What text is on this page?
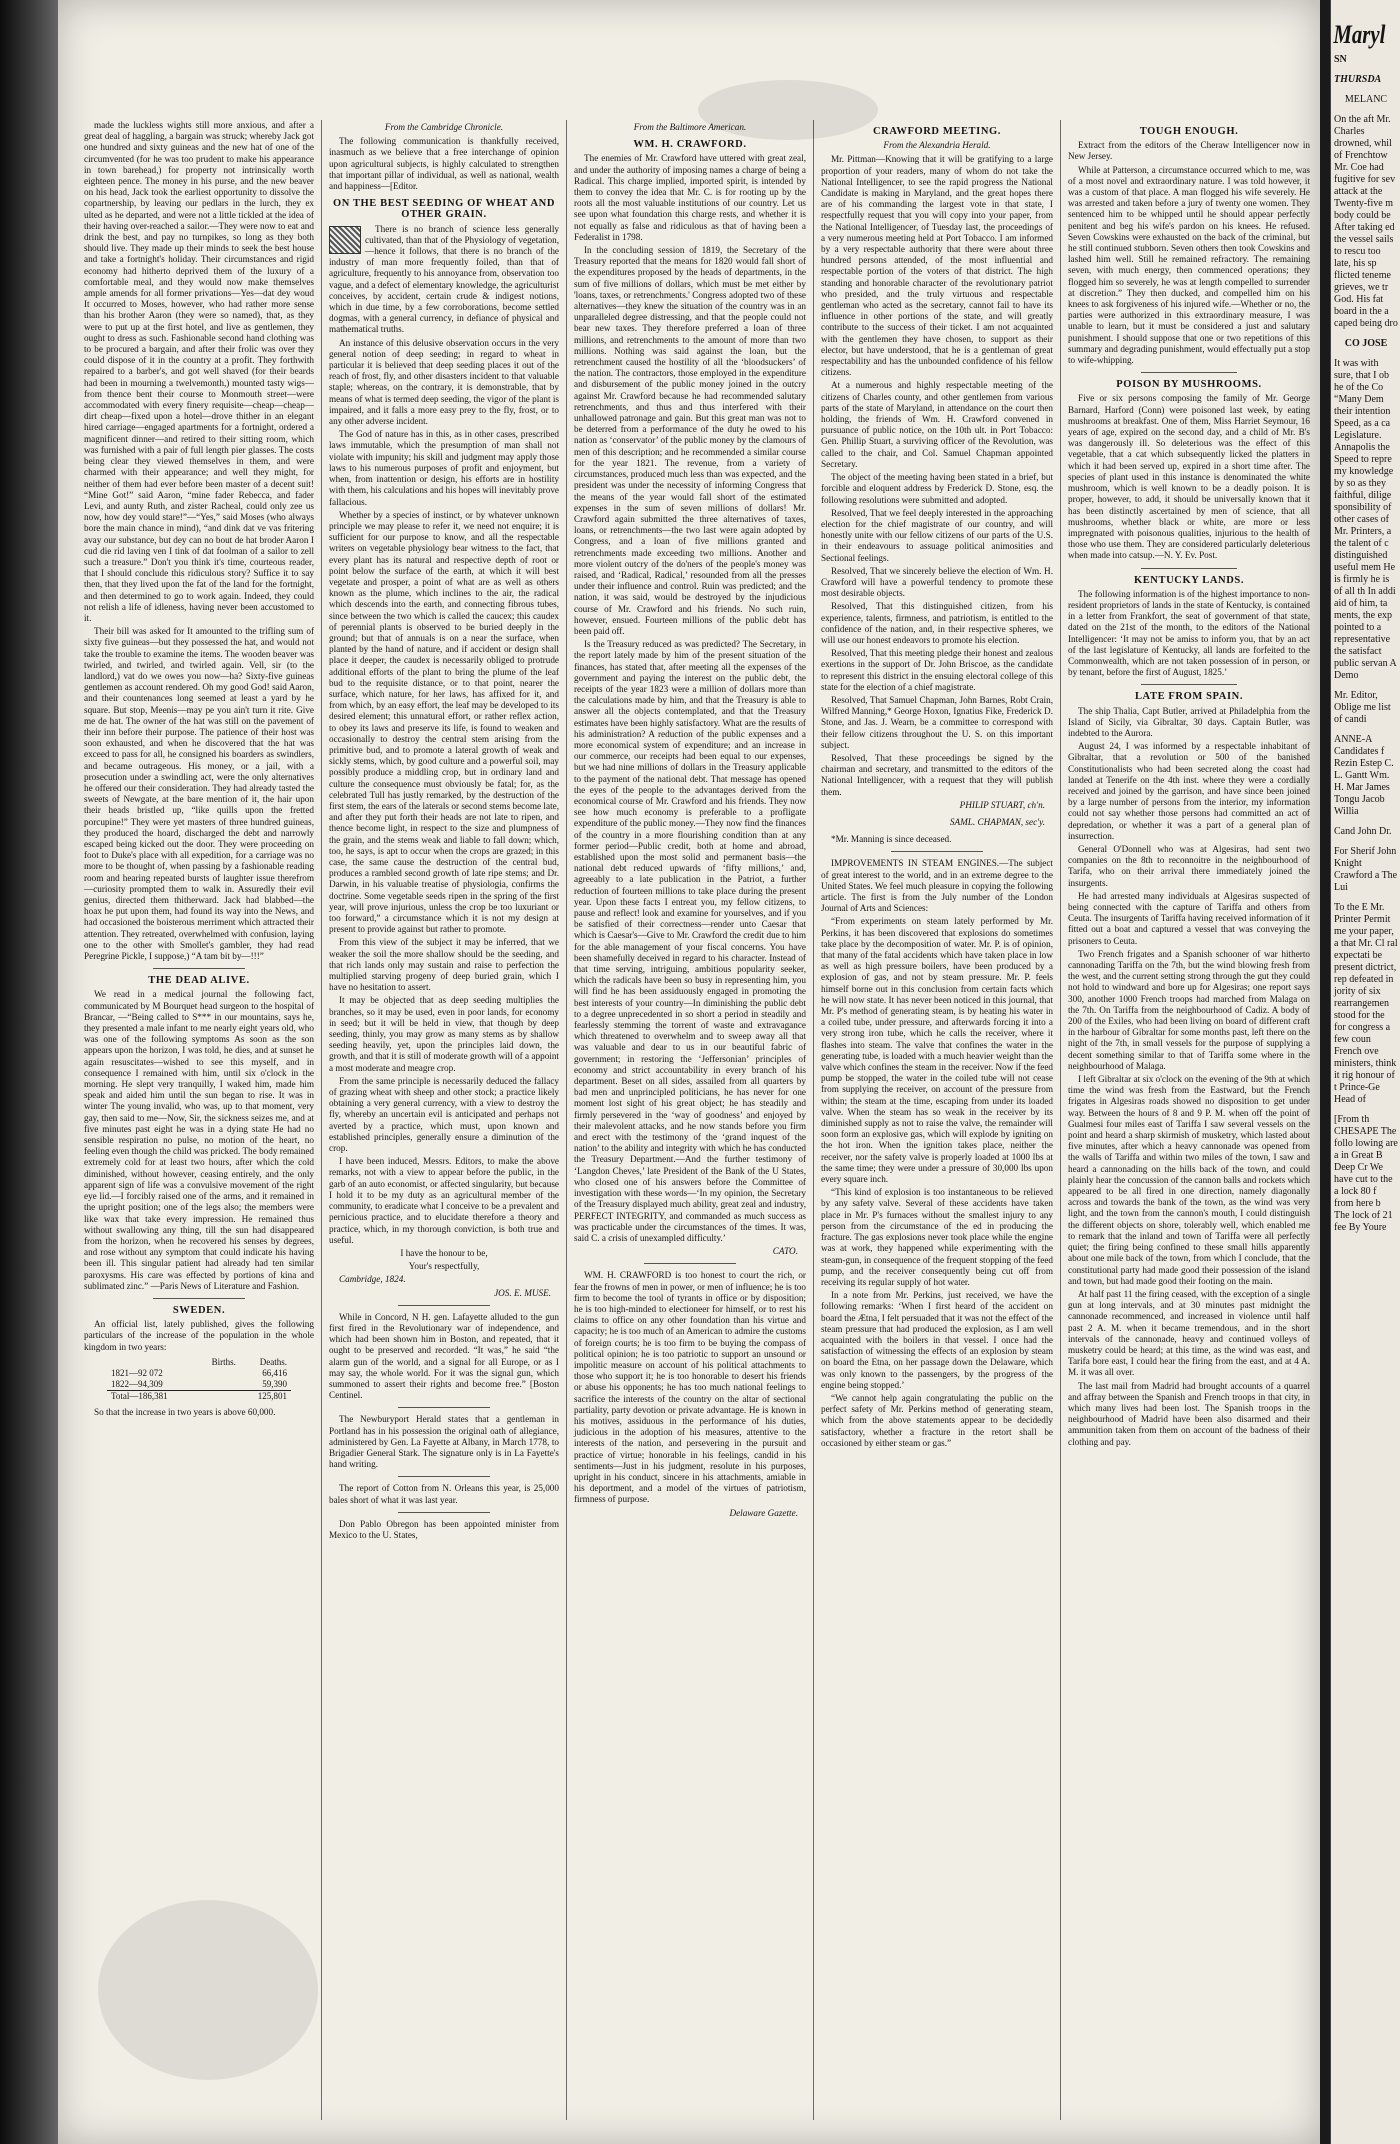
made the luckless wights still more anxious, and after a great deal of haggling, a bargain was struck; whereby Jack got one hundred and sixty guineas and the new hat of one of the circumvented (for he was too prudent to make his appearance in town barehead,) for property not intrinsically worth eighteen pence. The money in his purse, and the new beaver on his head, Jack took the earliest opportunity to dissolve the copartnership, by leaving our pedlars in the lurch, they ex ulted as he departed, and were not a little tickled at the idea of their having over-reached a sailor.—They were now to eat and drink the best, and pay no turnpikes, so long as they both should live. They made up their minds to seek the best house and take a fortnight's holiday. Their circumstances and rigid economy had hitherto deprived them of the luxury of a comfortable meal, and they would now make themselves ample amends for all former privations—Yes—dat dey woud It occurred to Moses, however, who had rather more sense than his brother Aaron (they were so named), that, as they were to put up at the first hotel, and live as gentlemen, they ought to dress as such. Fashionable second hand clothing was to be procured a bargain, and after their frolic was over they could dispose of it in the country at a profit. They forthwith repaired to a barber's, and got well shaved (for their beards had been in mourning a twelvemonth,) mounted tasty wigs—from thence bent their course to Monmouth street—were accommodated with every finery requisite—cheap—cheap—dirt cheap—fixed upon a hotel—drove thither in an elegant hired carriage—engaged apartments for a fortnight, ordered a magnificent dinner—and retired to their sitting room, which was furnished with a pair of full length pier glasses. The costs being clear they viewed themselves in them, and were charmed with their appearance; and well they might, for neither of them had ever before been master of a decent suit! “Mine Got!” said Aaron, “mine fader Rebecca, and fader Levi, and aunty Ruth, and zister Racheal, could only zee us now, how dey vould stare!”—“Yes,” said Moses (who always bore the main chance in mind), “and dink dat ve vas fritering avay our substance, but dey can no bout de hat broder Aaron I cud die rid laving ven I tink of dat foolman of a sailor to zell such a treasure.” Don't you think it's time, courteous reader, that I should conclude this ridiculous story? Suffice it to say then, that they lived upon the fat of the land for the fortnight, and then determined to go to work again. Indeed, they could not relish a life of idleness, having never been accustomed to it.

Their bill was asked for It amounted to the trifling sum of sixty five guineas—but they possessed the hat, and would not take the trouble to examine the items. The wooden beaver was twirled, and twirled, and twirled again. Vell, sir (to the landlord,) vat do we owes you now—ha? Sixty-five guineas gentlemen as account rendered. Oh my good God! said Aaron, and their countenances long seemed at least a yard by he square. But stop, Meenis—may pe you ain't turn it rite. Give me de hat. The owner of the hat was still on the pavement of their inn before their purpose. The patience of their host was soon exhausted, and when he discovered that the hat was exceed to pass for all, he consigned his boarders as swindlers, and became outrageous. His money, or a jail, with a prosecution under a swindling act, were the only alternatives he offered our their consideration. They had already tasted the sweets of Newgate, at the bare mention of it, the hair upon their heads bristled up, “like quills upon the fretted porcupine!” They were yet masters of three hundred guineas, they produced the hoard, discharged the debt and narrowly escaped being kicked out the door. They were proceeding on foot to Duke's place with all expedition, for a carriage was no more to be thought of, when passing by a fashionable reading room and hearing repeated bursts of laughter issue therefrom—curiosity prompted them to walk in. Assuredly their evil genius, directed them thitherward. Jack had blabbed—the hoax he put upon them, had found its way into the News, and had occasioned the boisterous merriment which attracted their attention. They retreated, overwhelmed with confusion, laying one to the other with Smollet's gambler, they had read Peregrine Pickle, I suppose,) “A tam bit by—!!!”

THE DEAD ALIVE.

We read in a medical journal the following fact, communicated by M Bourquet head surgeon to the hospital of Brancar, —“Being called to S*** in our mountains, says he, they presented a male infant to me nearly eight years old, who was one of the following symptoms As soon as the son appears upon the horizon, I was told, he dies, and at sunset he again resuscitates—wished to see this myself, and in consequence I remained with him, until six o'clock in the morning. He slept very tranquilly, I waked him, made him speak and aided him until the sun began to rise. It was in winter The young invalid, who was, up to that moment, very gay, then said to me—Now, Sir, the sickness seizes me, and at five minutes past eight he was in a dying state He had no sensible respiration no pulse, no motion of the heart, no feeling even though the child was pricked. The body remained extremely cold for at least two hours, after which the cold diminished, without however, ceasing entirely, and the only apparent sign of life was a convulsive movement of the right eye lid.—I forcibly raised one of the arms, and it remained in the upright position; one of the legs also; the members were like wax that take every impression. He remained thus without swallowing any thing, till the sun had disappeared from the horizon, when he recovered his senses by degrees, and rose without any symptom that could indicate his having been ill. This singular patient had already had ten similar paroxysms. His care was effected by portions of kina and sublimated zinc.” —Paris News of Literature and Fashion.

SWEDEN.

An official list, lately published, gives the following particulars of the increase of the population in the whole kingdom in two years:

	Births.	Deaths.
1821—92 072		66,416
1822—94,309		59,390
Total—186,381		125,801

So that the increase in two years is above 60,000.

From the Cambridge Chronicle.

The following communication is thankfully received, inasmuch as we believe that a free interchange of opinion upon agricultural subjects, is highly calculated to strengthen that important pillar of individual, as well as national, wealth and happiness—[Editor.

ON THE BEST SEEDING OF WHEAT AND OTHER GRAIN.

There is no branch of science less generally cultivated, than that of the Physiology of vegetation,—hence it follows, that there is no branch of the industry of man more frequently foiled, than that of agriculture, frequently to his annoyance from, observation too vague, and a defect of elementary knowledge, the agriculturist conceives, by accident, certain crude & indigest notions, which in due time, by a few corroborations, become settled dogmas, with a general currency, in defiance of physical and mathematical truths.

An instance of this delusive observation occurs in the very general notion of deep seeding; in regard to wheat in particular it is believed that deep seeding places it out of the reach of frost, fly, and other disasters incident to that valuable staple; whereas, on the contrary, it is demonstrable, that by means of what is termed deep seeding, the vigor of the plant is impaired, and it falls a more easy prey to the fly, frost, or to any other adverse incident.

The God of nature has in this, as in other cases, prescribed laws immutable, which the presumption of man shall not violate with impunity; his skill and judgment may apply those laws to his numerous purposes of profit and enjoyment, but when, from inattention or design, his efforts are in hostility with them, his calculations and his hopes will inevitably prove fallacious.

Whether by a species of instinct, or by whatever unknown principle we may please to refer it, we need not enquire; it is sufficient for our purpose to know, and all the respectable writers on vegetable physiology bear witness to the fact, that every plant has its natural and respective depth of root or point below the surface of the earth, at which it will best vegetate and prosper, a point of what are as well as others known as the plume, which inclines to the air, the radical which descends into the earth, and connecting fibrous tubes, since between the two which is called the caucex; this caudex of perennial plants is observed to be buried deeply in the ground; but that of annuals is on a near the surface, when planted by the hand of nature, and if accident or design shall place it deeper, the caudex is necessarily obliged to protrude additional efforts of the plant to bring the plume of the leaf bud to the requisite distance, or to that point, nearer the surface, which nature, for her laws, has affixed for it, and from which, by an easy effort, the leaf may be developed to its desired element; this unnatural effort, or rather reflex action, to obey its laws and preserve its life, is found to weaken and occasionally to destroy the central stem arising from the primitive bud, and to promote a lateral growth of weak and sickly stems, which, by good culture and a powerful soil, may possibly produce a middling crop, but in ordinary land and culture the consequence must obviously be fatal; for, as the celebrated Tull has justly remarked, by the destruction of the first stem, the ears of the laterals or second stems become late, and after they put forth their heads are not late to ripen, and thence become light, in respect to the size and plumpness of the grain, and the stems weak and liable to fall down; which, too, he says, is apt to occur when the crops are grazed; in this case, the same cause the destruction of the central bud, produces a rambled second growth of late ripe stems; and Dr. Darwin, in his valuable treatise of physiologia, confirms the doctrine. Some vegetable seeds ripen in the spring of the first year, will prove injurious, unless the crop be too luxuriant or too forward,” a circumstance which it is not my design at present to provide against but rather to promote.

From this view of the subject it may be inferred, that we weaker the soil the more shallow should be the seeding, and that rich lands only may sustain and raise to perfection the multiplied starving progeny of deep buried grain, which I have no hesitation to assert.

It may be objected that as deep seeding multiplies the branches, so it may be used, even in poor lands, for economy in seed; but it will be held in view, that though by deep seeding, thinly, you may grow as many stems as by shallow seeding heavily, yet, upon the principles laid down, the growth, and that it is still of moderate growth will of a appoint a most moderate and meagre crop.

From the same principle is necessarily deduced the fallacy of grazing wheat with sheep and other stock; a practice likely obtaining a very general currency, with a view to destroy the fly, whereby an uncertain evil is anticipated and perhaps not averted by a practice, which must, upon known and established principles, generally ensure a diminution of the crop.

I have been induced, Messrs. Editors, to make the above remarks, not with a view to appear before the public, in the garb of an auto economist, or affected singularity, but because I hold it to be my duty as an agricultural member of the community, to eradicate what I conceive to be a prevalent and pernicious practice, and to elucidate therefore a theory and practice, which, in my thorough conviction, is both true and useful.

I have the honour to be,

Your's respectfully,

Cambridge, 1824.

JOS. E. MUSE.

While in Concord, N H. gen. Lafayette alluded to the gun first fired in the Revolutionary war of independence, and which had been shown him in Boston, and repeated, that it ought to be preserved and recorded. “It was,” he said “the alarm gun of the world, and a signal for all Europe, or as I may say, the whole world. For it was the signal gun, which summoned to assert their rights and become free.” [Boston Centinel.

The Newburyport Herald states that a gentleman in Portland has in his possession the original oath of allegiance, administered by Gen. La Fayette at Albany, in March 1778, to Brigadier General Stark. The signature only is in La Fayette's hand writing.

The report of Cotton from N. Orleans this year, is 25,000 bales short of what it was last year.

Don Pablo Obregon has been appointed minister from Mexico to the U. States,

From the Baltimore American.
WM. H. CRAWFORD.

The enemies of Mr. Crawford have uttered with great zeal, and under the authority of imposing names a charge of being a Radical. This charge implied, imported spirit, is intended by them to convey the idea that Mr. C. is for rooting up by the roots all the most valuable institutions of our country. Let us see upon what foundation this charge rests, and whether it is not equally as false and ridiculous as that of having been a Federalist in 1798.

In the concluding session of 1819, the Secretary of the Treasury reported that the means for 1820 would fall short of the expenditures proposed by the heads of departments, in the sum of five millions of dollars, which must be met either by 'loans, taxes, or retrenchments.' Congress adopted two of these alternatives—they knew the situation of the country was in an unparalleled degree distressing, and that the people could not bear new taxes. They therefore preferred a loan of three millions, and retrenchments to the amount of more than two millions. Nothing was said against the loan, but the retrenchment caused the hostility of all the ‘bloodsuckers’ of the nation. The contractors, those employed in the expenditure and disbursement of the public money joined in the outcry against Mr. Crawford because he had recommended salutary retrenchments, and thus and thus interfered with their unhallowed patronage and gain. But this great man was not to be deterred from a performance of the duty he owed to his nation as ‘conservator’ of the public money by the clamours of men of this description; and he recommended a similar course for the year 1821. The revenue, from a variety of circumstances, produced much less than was expected, and the president was under the necessity of informing Congress that the means of the year would fall short of the estimated expenses in the sum of seven millions of dollars! Mr. Crawford again submitted the three alternatives of taxes, loans, or retrenchments—the two last were again adopted by Congress, and a loan of five millions granted and retrenchments made exceeding two millions. Another and more violent outcry of the do'ners of the people's money was raised, and ‘Radical, Radical,’ resounded from all the presses under their influence and control. Ruin was predicted; and the nation, it was said, would be destroyed by the injudicious course of Mr. Crawford and his friends. No such ruin, however, ensued. Fourteen millions of the public debt has been paid off.

Is the Treasury reduced as was predicted? The Secretary, in the report lately made by him of the present situation of the finances, has stated that, after meeting all the expenses of the government and paying the interest on the public debt, the receipts of the year 1823 were a million of dollars more than the calculations made by him, and that the Treasury is able to answer all the objects contemplated, and that the Treasury estimates have been highly satisfactory. What are the results of his administration? A reduction of the public expenses and a more economical system of expenditure; and an increase in our commerce, our receipts had been equal to our expenses, but we had nine millions of dollars in the Treasury applicable to the payment of the national debt. That message has opened the eyes of the people to the advantages derived from the economical course of Mr. Crawford and his friends. They now see how much economy is preferable to a profligate expenditure of the public money.—They now find the finances of the country in a more flourishing condition than at any former period—Public credit, both at home and abroad, established upon the most solid and permanent basis—the national debt reduced upwards of ‘fifty millions,’ and, agreeably to a late publication in the Patriot, a further reduction of fourteen millions to take place during the present year. Upon these facts I entreat you, my fellow citizens, to pause and reflect! look and examine for yourselves, and if you be satisfied of their correctness—render unto Caesar that which is Caesar's—Give to Mr. Crawford the credit due to him for the able management of your fiscal concerns. You have been shamefully deceived in regard to his character. Instead of that time serving, intriguing, ambitious popularity seeker, which the radicals have been so busy in representing him, you will find he has been assiduously engaged in promoting the best interests of your country—In diminishing the public debt to a degree unprecedented in so short a period in steadily and fearlessly stemming the torrent of waste and extravagance which threatened to overwhelm and to sweep away all that was valuable and dear to us in our beautiful fabric of government; in restoring the ‘Jeffersonian’ principles of economy and strict accountability in every branch of his department. Beset on all sides, assailed from all quarters by bad men and unprincipled politicians, he has never for one moment lost sight of his great object; he has steadily and firmly persevered in the ‘way of goodness’ and enjoyed by their malevolent attacks, and he now stands before you firm and erect with the testimony of the ‘grand inquest of the nation’ to the ability and integrity with which he has conducted the Treasury Department.—And the further testimony of ‘Langdon Cheves,’ late President of the Bank of the U States, who closed one of his answers before the Committee of investigation with these words—‘In my opinion, the Secretary of the Treasury displayed much ability, great zeal and industry, PERFECT INTEGRITY, and commanded as much success as was practicable under the circumstances of the times. It was, said C. a crisis of unexampled difficulty.’

CATO.

WM. H. CRAWFORD is too honest to court the rich, or fear the frowns of men in power, or men of influence; he is too firm to become the tool of tyrants in office or by disposition; he is too high-minded to electioneer for himself, or to rest his claims to office on any other foundation than his virtue and capacity; he is too much of an American to admire the customs of foreign courts; he is too firm to be buying the compass of political opinion; he is too patriotic to support an unsound or impolitic measure on account of his political attachments to those who support it; he is too honorable to desert his friends or abuse his opponents; he has too much national feelings to sacrifice the interests of the country on the altar of sectional partiality, party devotion or private advantage. He is known in his motives, assiduous in the performance of his duties, judicious in the adoption of his measures, attentive to the interests of the nation, and persevering in the pursuit and practice of virtue; honorable in his feelings, candid in his sentiments—Just in his judgment, resolute in his purposes, upright in his conduct, sincere in his attachments, amiable in his deportment, and a model of the virtues of patriotism, firmness of purpose.

Delaware Gazette.
CRAWFORD MEETING.
From the Alexandria Herald.

Mr. Pittman—Knowing that it will be gratifying to a large proportion of your readers, many of whom do not take the National Intelligencer, to see the rapid progress the National Candidate is making in Maryland, and the great hopes there are of his commanding the largest vote in that state, I respectfully request that you will copy into your paper, from the National Intelligencer, of Tuesday last, the proceedings of a very numerous meeting held at Port Tobacco. I am informed by a very respectable authority that there were about three hundred persons attended, of the most influential and respectable portion of the voters of that district. The high standing and honorable character of the revolutionary patriot who presided, and the truly virtuous and respectable gentleman who acted as the secretary, cannot fail to have its influence in other portions of the state, and will greatly contribute to the success of their ticket. I am not acquainted with the gentlemen they have chosen, to support as their elector, but have understood, that he is a gentleman of great respectability and has the unbounded confidence of his fellow citizens.

At a numerous and highly respectable meeting of the citizens of Charles county, and other gentlemen from various parts of the state of Maryland, in attendance on the court then holding, the friends of Wm. H. Crawford convened in pursuance of public notice, on the 10th ult. in Port Tobacco: Gen. Phillip Stuart, a surviving officer of the Revolution, was called to the chair, and Col. Samuel Chapman appointed Secretary.

The object of the meeting having been stated in a brief, but forcible and eloquent address by Frederick D. Stone, esq. the following resolutions were submitted and adopted.

Resolved, That we feel deeply interested in the approaching election for the chief magistrate of our country, and will honestly unite with our fellow citizens of our parts of the U.S. in their endeavours to assuage political animosities and Sectional feelings.

Resolved, That we sincerely believe the election of Wm. H. Crawford will have a powerful tendency to promote these most desirable objects.

Resolved, That this distinguished citizen, from his experience, talents, firmness, and patriotism, is entitled to the confidence of the nation, and, in their respective spheres, we will use our honest endeavors to promote his election.

Resolved, That this meeting pledge their honest and zealous exertions in the support of Dr. John Briscoe, as the candidate to represent this district in the ensuing electoral college of this state for the election of a chief magistrate.

Resolved, That Samuel Chapman, John Barnes, Robt Crain, Wilfred Manning,* George Hoxon, Ignatius Fike, Frederick D. Stone, and Jas. J. Wearn, be a committee to correspond with their fellow citizens throughout the U. S. on this important subject.

Resolved, That these proceedings be signed by the chairman and secretary, and transmitted to the editors of the National Intelligencer, with a request that they will publish them.

PHILIP STUART, ch'n.
SAML. CHAPMAN, sec'y.

*Mr. Manning is since deceased.

IMPROVEMENTS IN STEAM ENGINES.—The subject of great interest to the world, and in an extreme degree to the United States. We feel much pleasure in copying the following article. The first is from the July number of the London Journal of Arts and Sciences:

“From experiments on steam lately performed by Mr. Perkins, it has been discovered that explosions do sometimes take place by the decomposition of water. Mr. P. is of opinion, that many of the fatal accidents which have taken place in low as well as high pressure boilers, have been produced by a explosion of gas, and not by steam pressure. Mr. P. feels himself borne out in this conclusion from certain facts which he will now state. It has never been noticed in this journal, that Mr. P's method of generating steam, is by heating his water in a coiled tube, under pressure, and afterwards forcing it into a very strong iron tube, which he calls the receiver, where it flashes into steam. The valve that confines the water in the generating tube, is loaded with a much heavier weight than the valve which confines the steam in the receiver. Now if the feed pump be stopped, the water in the coiled tube will not cease from supplying the receiver, on account of the pressure from within; the steam at the time, escaping from under its loaded valve. When the steam has so weak in the receiver by its diminished supply as not to raise the valve, the remainder will soon form an explosive gas, which will explode by igniting on the hot iron. When the ignition takes place, neither the receiver, nor the safety valve is properly loaded at 1000 lbs at the same time; they were under a pressure of 30,000 lbs upon every square inch.

“This kind of explosion is too instantaneous to be relieved by any safety valve. Several of these accidents have taken place in Mr. P's furnaces without the smallest injury to any person from the circumstance of the ed in producing the fracture. The gas explosions never took place while the engine was at work, they happened while experimenting with the steam-gun, in consequence of the frequent stopping of the feed pump, and the receiver consequently being cut off from receiving its regular supply of hot water.

In a note from Mr. Perkins, just received, we have the following remarks: ‘When I first heard of the accident on board the Ætna, I felt persuaded that it was not the effect of the steam pressure that had produced the explosion, as I am well acquainted with the boilers in that vessel. I once had the satisfaction of witnessing the effects of an explosion by steam on board the Etna, on her passage down the Delaware, which was only known to the passengers, by the progress of the engine being stopped.’

“We cannot help again congratulating the public on the perfect safety of Mr. Perkins method of generating steam, which from the above statements appear to be decidedly satisfactory, whether a fracture in the retort shall be occasioned by either steam or gas.”

TOUGH ENOUGH.

Extract from the editors of the Cheraw Intelligencer now in New Jersey.

While at Patterson, a circumstance occurred which to me, was of a most novel and extraordinary nature. I was told however, it was a custom of that place. A man flogged his wife severely. He was arrested and taken before a jury of twenty one women. They sentenced him to be whipped until he should appear perfectly penitent and beg his wife's pardon on his knees. He refused. Seven Cowskins were exhausted on the back of the criminal, but he still continued stubborn. Seven others then took Cowskins and lashed him well. Still he remained refractory. The remaining seven, with much energy, then commenced operations; they flogged him so severely, he was at length compelled to surrender at discretion.” They then ducked, and compelled him on his knees to ask forgiveness of his injured wife.—Whether or no, the parties were authorized in this extraordinary measure, I was unable to learn, but it must be considered a just and salutary punishment. I should suppose that one or two repetitions of this summary and degrading punishment, would effectually put a stop to wife-whipping.

POISON BY MUSHROOMS.

Five or six persons composing the family of Mr. George Barnard, Harford (Conn) were poisoned last week, by eating mushrooms at breakfast. One of them, Miss Harriet Seymour, 16 years of age, expired on the second day, and a child of Mr. B's was dangerously ill. So deleterious was the effect of this vegetable, that a cat which subsequently licked the platters in which it had been served up, expired in a short time after. The species of plant used in this instance is denominated the white mushroom, which is well known to be a deadly poison. It is proper, however, to add, it should be universally known that it has been distinctly ascertained by men of science, that all mushrooms, whether black or white, are more or less impregnated with poisonous qualities, injurious to the health of those who use them. They are considered particularly deleterious when made into catsup.—N. Y. Ev. Post.

KENTUCKY LANDS.

The following information is of the highest importance to non-resident proprietors of lands in the state of Kentucky, is contained in a letter from Frankfort, the seat of government of that state, dated on the 21st of the month, to the editors of the National Intelligencer: ‘It may not be amiss to inform you, that by an act of the last legislature of Kentucky, all lands are forfeited to the Commonwealth, which are not taken possession of in person, or by tenant, before the first of August, 1825.’

LATE FROM SPAIN.

The ship Thalia, Capt Butler, arrived at Philadelphia from the Island of Sicily, via Gibraltar, 30 days. Captain Butler, was indebted to the Aurora.

August 24, I was informed by a respectable inhabitant of Gibraltar, that a revolution or 500 of the banished Constitutionalists who had been secreted along the coast had landed at Tenerife on the 4th inst. where they were a cordially received and joined by the garrison, and have since been joined by a large number of persons from the interior, my information could not say whether those persons had committed an act of depredation, or whether it was a part of a general plan of insurrection.

General O'Donnell who was at Algesiras, had sent two companies on the 8th to reconnoitre in the neighbourhood of Tarifa, who on their arrival there immediately joined the insurgents.

He had arrested many individuals at Algesiras suspected of being connected with the capture of Tariffa and others from Ceuta. The insurgents of Tariffa having received information of it fitted out a boat and captured a vessel that was conveying the prisoners to Ceuta.

Two French frigates and a Spanish schooner of war hitherto cannonading Tariffa on the 7th, but the wind blowing fresh from the west, and the current setting strong through the gut they could not hold to windward and bore up for Algesiras; one report says 300, another 1000 French troops had marched from Malaga on the 7th. On Tariffa from the neighbourhood of Cadiz. A body of 200 of the Exiles, who had been living on board of different craft in the harbour of Gibraltar for some months past, left there on the night of the 7th, in small vessels for the purpose of supplying a decent something similar to that of Tariffa some where in the neighbourhood of Malaga.

I left Gibraltar at six o'clock on the evening of the 9th at which time the wind was fresh from the Eastward, but the French frigates in Algesiras roads showed no disposition to get under way. Between the hours of 8 and 9 P. M. when off the point of Gualmesi four miles east of Tariffa I saw several vessels on the point and heard a sharp skirmish of musketry, which lasted about five minutes, after which a heavy cannonade was opened from the walls of Tariffa and within two miles of the town, I saw and heard a cannonading on the hills back of the town, and could plainly hear the concussion of the cannon balls and rockets which appeared to be all fired in one direction, namely diagonally across and towards the bank of the town, as the wind was very light, and the town from the cannon's mouth, I could distinguish the different objects on shore, tolerably well, which enabled me to remark that the inland and town of Tariffa were all perfectly quiet; the firing being confined to these small hills apparently about one mile back of the town, from which I conclude, that the constitutional party had made good their possession of the island and town, but had made good their footing on the main.

At half past 11 the firing ceased, with the exception of a single gun at long intervals, and at 30 minutes past midnight the cannonade recommenced, and increased in violence until half past 2 A. M. when it became tremendous, and in the short intervals of the cannonade, heavy and continued volleys of musketry could be heard; at this time, as the wind was east, and Tarifa bore east, I could hear the firing from the east, and at 4 A. M. it was all over.

The last mail from Madrid had brought accounts of a quarrel and affray between the Spanish and French troops in that city, in which many lives had been lost. The Spanish troops in the neighbourhood of Madrid have been also disarmed and their ammunition taken from them on account of the badness of their clothing and pay.

Maryl
SN
THURSDA
MELANC
On the aft Mr. Charles drowned, whil of Frenchtow Mr. Coe had fugitive for sev attack at the Twenty-five m body could be After taking ed the vessel sails to rescu too late, his sp flicted teneme grieves, we tr God. His fat board in the a caped being dro
CO JOSE
It was with sure, that I ob he of the Co “Many Dem their intention Speed, as a ca Legislature. Annapolis the Speed to repre my knowledge by so as they faithful, dilige sponsibility of other cases of Mr. Printers, a the talent of c distinguished useful mem He is firmly he is of all th In addi aid of him, ta ments, the exp pointed to a representative the satisfact public servan A Demo
Mr. Editor, Oblige me list of candi
ANNE-A Candidates f Rezin Estep C. L. Gantt Wm. H. Mar James Tongu Jacob Willia
Cand John Dr.
For Sherif John Knight Crawford a The Lui
To the E Mr. Printer Permit me your paper, a that Mr. Cl ral expectati be present dictrict, rep defeated in jority of six rearrangemen stood for the for congress a few coun French ove ministers, think it rig honour of t Prince-Ge Head of
[From th CHESAPE The follo lowing are a in Great B Deep Cr We have cut to the a lock 80 f from here b The lock of 21 fee By Youre
